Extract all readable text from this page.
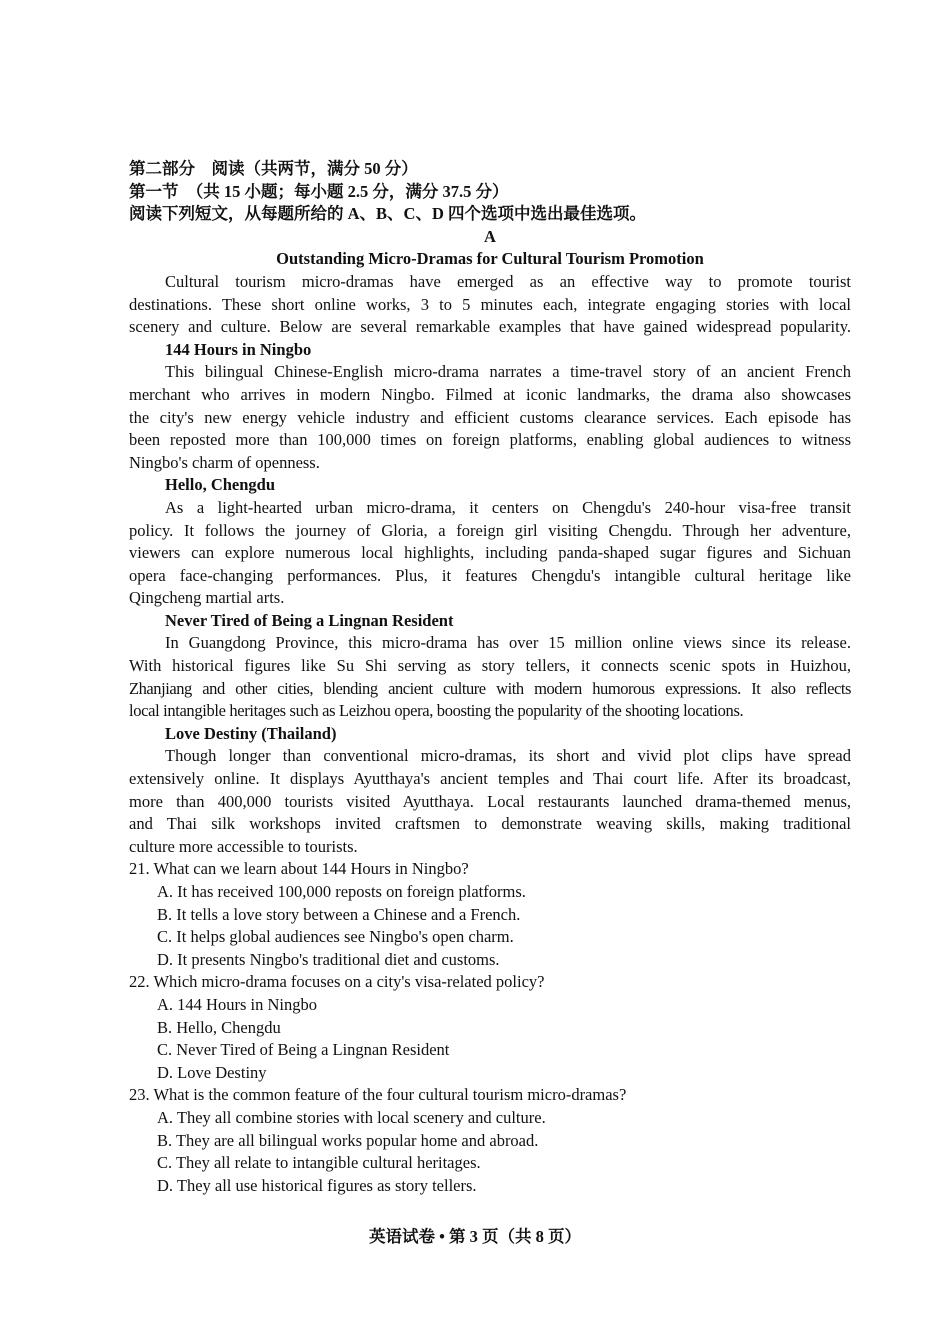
第二部分　阅读（共两节，满分 50 分）
第一节　（共 15 小题；每小题 2.5 分，满分 37.5 分）
阅读下列短文，从每题所给的 A、B、C、D 四个选项中选出最佳选项。
A
Outstanding Micro-Dramas for Cultural Tourism Promotion
Cultural tourism micro-dramas have emerged as an effective way to promote tourist
destinations. These short online works, 3 to 5 minutes each, integrate engaging stories with local
scenery and culture. Below are several remarkable examples that have gained widespread popularity.
144 Hours in Ningbo
This bilingual Chinese-English micro-drama narrates a time-travel story of an ancient French
merchant who arrives in modern Ningbo. Filmed at iconic landmarks, the drama also showcases
the city's new energy vehicle industry and efficient customs clearance services. Each episode has
been reposted more than 100,000 times on foreign platforms, enabling global audiences to witness
Ningbo's charm of openness.
Hello, Chengdu
As a light-hearted urban micro-drama, it centers on Chengdu's 240-hour visa-free transit
policy. It follows the journey of Gloria, a foreign girl visiting Chengdu. Through her adventure,
viewers can explore numerous local highlights, including panda-shaped sugar figures and Sichuan
opera face-changing performances. Plus, it features Chengdu's intangible cultural heritage like
Qingcheng martial arts.
Never Tired of Being a Lingnan Resident
In Guangdong Province, this micro-drama has over 15 million online views since its release.
With historical figures like Su Shi serving as story tellers, it connects scenic spots in Huizhou,
Zhanjiang and other cities, blending ancient culture with modern humorous expressions. It also reflects
local intangible heritages such as Leizhou opera, boosting the popularity of the shooting locations.
Love Destiny (Thailand)
Though longer than conventional micro-dramas, its short and vivid plot clips have spread
extensively online. It displays Ayutthaya's ancient temples and Thai court life. After its broadcast,
more than 400,000 tourists visited Ayutthaya. Local restaurants launched drama-themed menus,
and Thai silk workshops invited craftsmen to demonstrate weaving skills, making traditional
culture more accessible to tourists.
21. What can we learn about 144 Hours in Ningbo?
A. It has received 100,000 reposts on foreign platforms.
B. It tells a love story between a Chinese and a French.
C. It helps global audiences see Ningbo's open charm.
D. It presents Ningbo's traditional diet and customs.
22. Which micro-drama focuses on a city's visa-related policy?
A. 144 Hours in Ningbo
B. Hello, Chengdu
C. Never Tired of Being a Lingnan Resident
D. Love Destiny
23. What is the common feature of the four cultural tourism micro-dramas?
A. They all combine stories with local scenery and culture.
B. They are all bilingual works popular home and abroad.
C. They all relate to intangible cultural heritages.
D. They all use historical figures as story tellers.
英语试卷 • 第 3 页（共 8 页）
